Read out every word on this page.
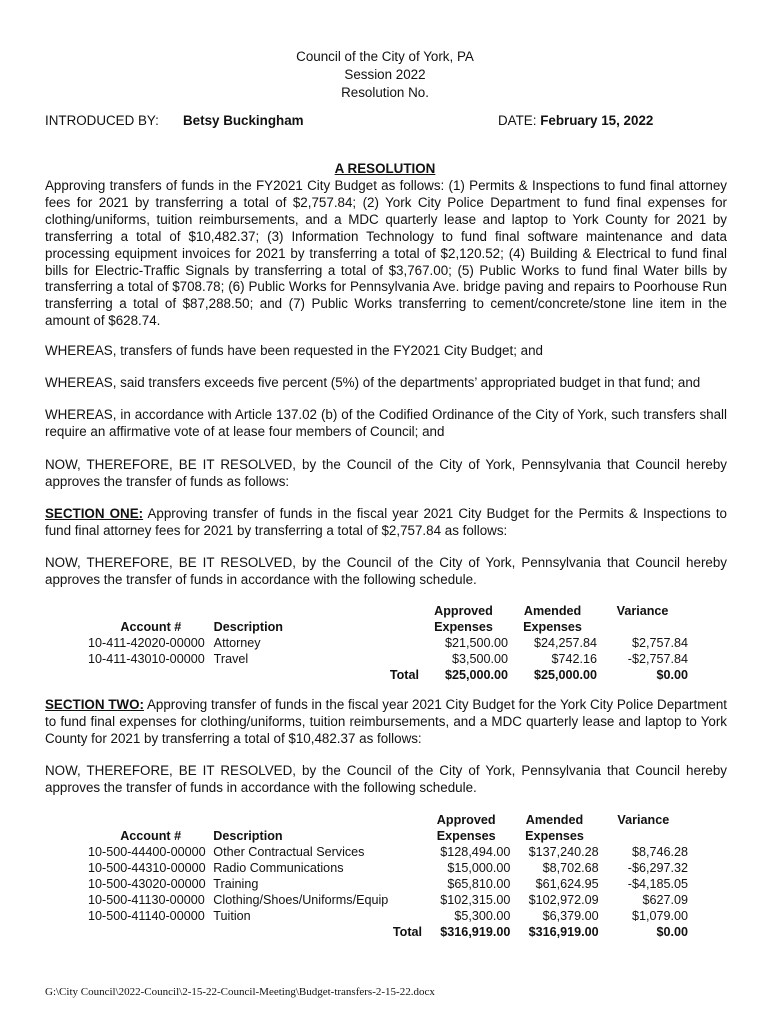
Council of the City of York, PA
Session 2022
Resolution No.
INTRODUCED BY: Betsy Buckingham	DATE: February 15, 2022
A RESOLUTION
Approving transfers of funds in the FY2021 City Budget as follows: (1) Permits & Inspections to fund final attorney fees for 2021 by transferring a total of $2,757.84; (2) York City Police Department to fund final expenses for clothing/uniforms, tuition reimbursements, and a MDC quarterly lease and laptop to York County for 2021 by transferring a total of $10,482.37; (3) Information Technology to fund final software maintenance and data processing equipment invoices for 2021 by transferring a total of $2,120.52; (4) Building & Electrical to fund final bills for Electric-Traffic Signals by transferring a total of $3,767.00; (5) Public Works to fund final Water bills by transferring a total of $708.78; (6) Public Works for Pennsylvania Ave. bridge paving and repairs to Poorhouse Run transferring a total of $87,288.50; and (7) Public Works transferring to cement/concrete/stone line item in the amount of $628.74.
WHEREAS, transfers of funds have been requested in the FY2021 City Budget; and
WHEREAS, said transfers exceeds five percent (5%) of the departments’ appropriated budget in that fund; and
WHEREAS, in accordance with Article 137.02 (b) of the Codified Ordinance of the City of York, such transfers shall require an affirmative vote of at lease four members of Council; and
NOW, THEREFORE, BE IT RESOLVED, by the Council of the City of York, Pennsylvania that Council hereby approves the transfer of funds as follows:
SECTION ONE: Approving transfer of funds in the fiscal year 2021 City Budget for the Permits & Inspections to fund final attorney fees for 2021 by transferring a total of $2,757.84 as follows:
NOW, THEREFORE, BE IT RESOLVED, by the Council of the City of York, Pennsylvania that Council hereby approves the transfer of funds in accordance with the following schedule.
			Approved	Amended	Variance
Account #	Description		Expenses	Expenses	
10-411-42020-00000	Attorney		$21,500.00	$24,257.84	$2,757.84
10-411-43010-00000	Travel		$3,500.00	$742.16	-$2,757.84
		Total	$25,000.00	$25,000.00	$0.00
SECTION TWO: Approving transfer of funds in the fiscal year 2021 City Budget for the York City Police Department to fund final expenses for clothing/uniforms, tuition reimbursements, and a MDC quarterly lease and laptop to York County for 2021 by transferring a total of $10,482.37 as follows:
NOW, THEREFORE, BE IT RESOLVED, by the Council of the City of York, Pennsylvania that Council hereby approves the transfer of funds in accordance with the following schedule.
			Approved	Amended	Variance
Account #	Description		Expenses	Expenses	
10-500-44400-00000	Other Contractual Services		$128,494.00	$137,240.28	$8,746.28
10-500-44310-00000	Radio Communications		$15,000.00	$8,702.68	-$6,297.32
10-500-43020-00000	Training		$65,810.00	$61,624.95	-$4,185.05
10-500-41130-00000	Clothing/Shoes/Uniforms/Equip		$102,315.00	$102,972.09	$627.09
10-500-41140-00000	Tuition		$5,300.00	$6,379.00	$1,079.00
		Total	$316,919.00	$316,919.00	$0.00
G:\City Council\2022-Council\2-15-22-Council-Meeting\Budget-transfers-2-15-22.docx
